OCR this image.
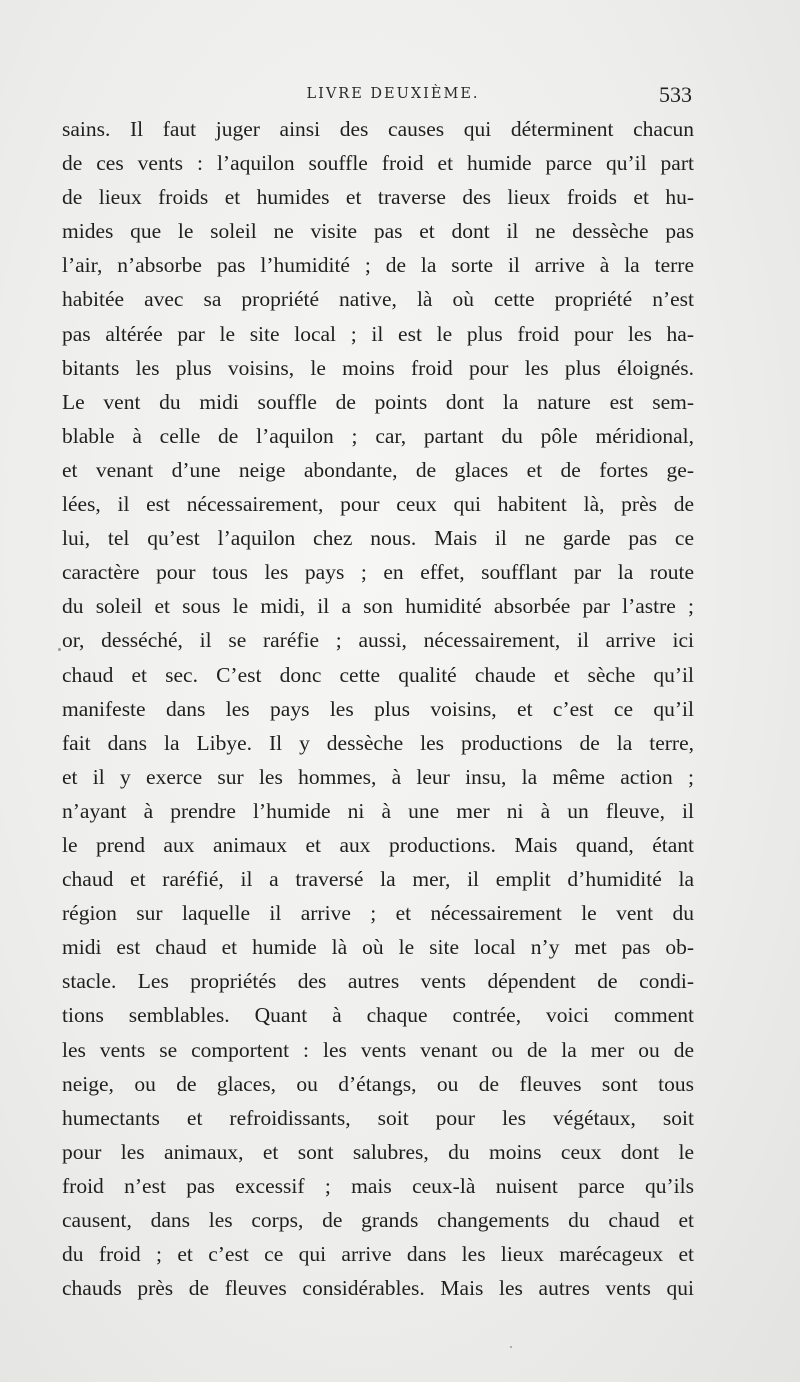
LIVRE DEUXIÈME.	533
sains. Il faut juger ainsi des causes qui déterminent chacun
de ces vents : l’aquilon souffle froid et humide parce qu’il part
de lieux froids et humides et traverse des lieux froids et hu-
mides que le soleil ne visite pas et dont il ne dessèche pas
l’air, n’absorbe pas l’humidité ; de la sorte il arrive à la terre
habitée avec sa propriété native, là où cette propriété n’est
pas altérée par le site local ; il est le plus froid pour les ha-
bitants les plus voisins, le moins froid pour les plus éloignés.
Le vent du midi souffle de points dont la nature est sem-
blable à celle de l’aquilon ; car, partant du pôle méridional,
et venant d’une neige abondante, de glaces et de fortes ge-
lées, il est nécessairement, pour ceux qui habitent là, près de
lui, tel qu’est l’aquilon chez nous. Mais il ne garde pas ce
caractère pour tous les pays ; en effet, soufflant par la route
du soleil et sous le midi, il a son humidité absorbée par l’astre ;
or, desséché, il se raréfie ; aussi, nécessairement, il arrive ici
chaud et sec. C’est donc cette qualité chaude et sèche qu’il
manifeste dans les pays les plus voisins, et c’est ce qu’il
fait dans la Libye. Il y dessèche les productions de la terre,
et il y exerce sur les hommes, à leur insu, la même action ;
n’ayant à prendre l’humide ni à une mer ni à un fleuve, il
le prend aux animaux et aux productions. Mais quand, étant
chaud et raréfié, il a traversé la mer, il emplit d’humidité la
région sur laquelle il arrive ; et nécessairement le vent du
midi est chaud et humide là où le site local n’y met pas ob-
stacle. Les propriétés des autres vents dépendent de condi-
tions semblables. Quant à chaque contrée, voici comment
les vents se comportent : les vents venant ou de la mer ou de
neige, ou de glaces, ou d’étangs, ou de fleuves sont tous
humectants et refroidissants, soit pour les végétaux, soit
pour les animaux, et sont salubres, du moins ceux dont le
froid n’est pas excessif ; mais ceux-là nuisent parce qu’ils
causent, dans les corps, de grands changements du chaud et
du froid ; et c’est ce qui arrive dans les lieux marécageux et
chauds près de fleuves considérables. Mais les autres vents qui
